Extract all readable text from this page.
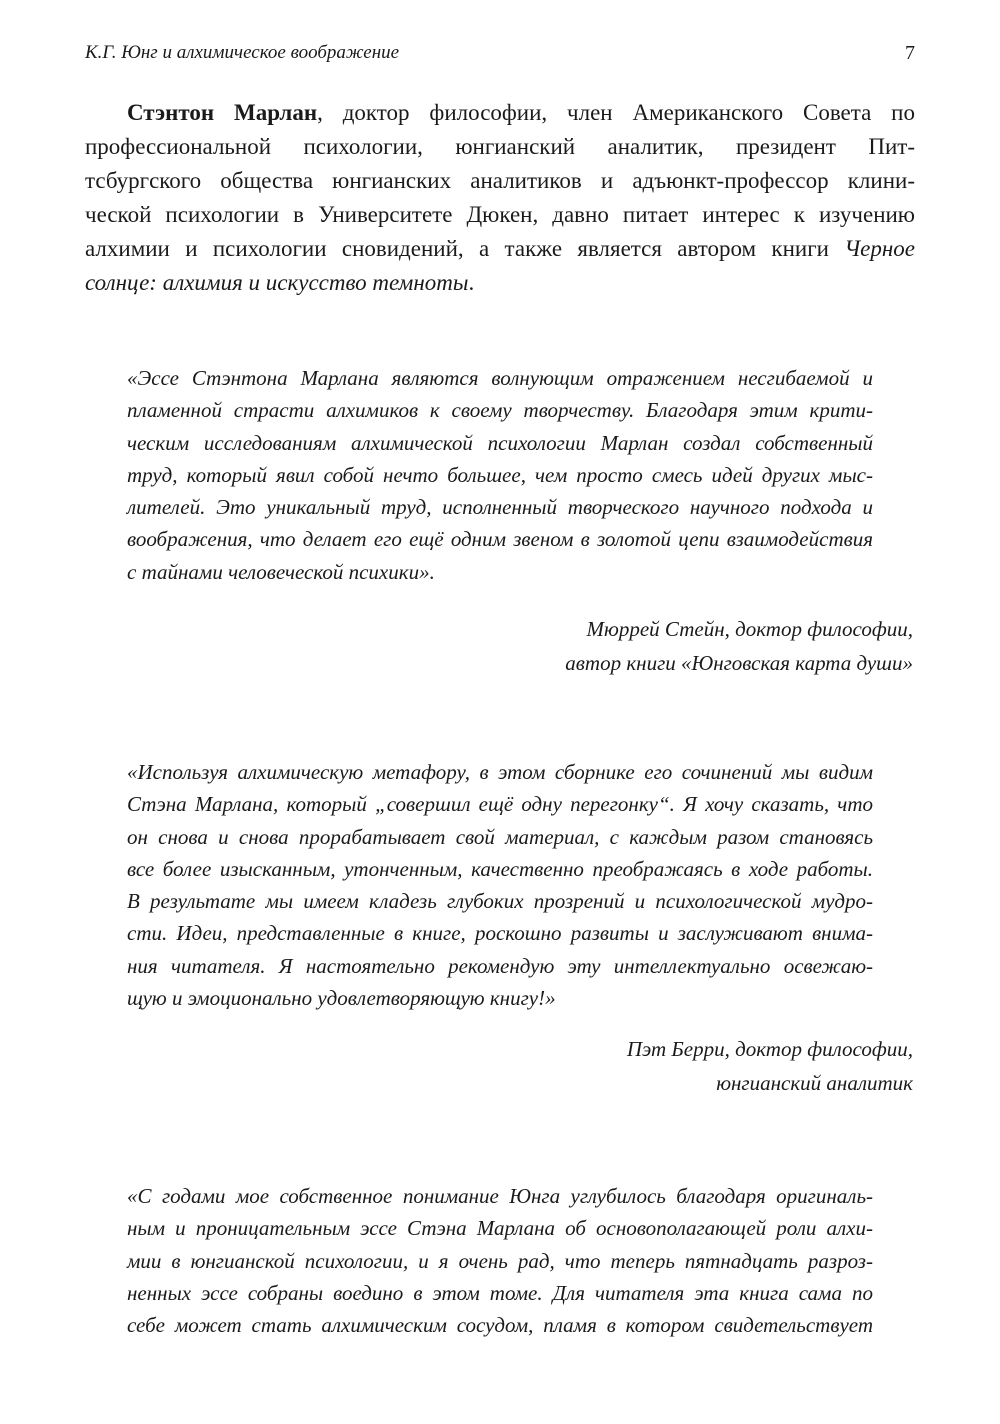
К.Г. Юнг и алхимическое воображение	7
Стэнтон Марлан, доктор философии, член Американского Совета по
профессиональной психологии, юнгианский аналитик, президент Пит-
тсбургского общества юнгианских аналитиков и адъюнкт-профессор клини-
ческой психологии в Университете Дюкен, давно питает интерес к изучению
алхимии и психологии сновидений, а также является автором книги Черное
солнце: алхимия и искусство темноты.
«Эссе Стэнтона Марлана являются волнующим отражением несгибаемой и
пламенной страсти алхимиков к своему творчеству. Благодаря этим крити-
ческим исследованиям алхимической психологии Марлан создал собственный
труд, который явил собой нечто большее, чем просто смесь идей других мыс-
лителей. Это уникальный труд, исполненный творческого научного подхода и
воображения, что делает его ещё одним звеном в золотой цепи взаимодействия
с тайнами человеческой психики».
Мюррей Стейн, доктор философии,
автор книги «Юнговская карта души»
«Используя алхимическую метафору, в этом сборнике его сочинений мы видим
Стэна Марлана, который „совершил ещё одну перегонку“. Я хочу сказать, что
он снова и снова прорабатывает свой материал, с каждым разом становясь
все более изысканным, утонченным, качественно преображаясь в ходе работы.
В результате мы имеем кладезь глубоких прозрений и психологической мудро-
сти. Идеи, представленные в книге, роскошно развиты и заслуживают внима-
ния читателя. Я настоятельно рекомендую эту интеллектуально освежаю-
щую и эмоционально удовлетворяющую книгу!»
Пэт Берри, доктор философии,
юнгианский аналитик
«С годами мое собственное понимание Юнга углубилось благодаря оригиналь-
ным и проницательным эссе Стэна Марлана об основополагающей роли алхи-
мии в юнгианской психологии, и я очень рад, что теперь пятнадцать разроз-
ненных эссе собраны воедино в этом томе. Для читателя эта книга сама по
себе может стать алхимическим сосудом, пламя в котором свидетельствует
